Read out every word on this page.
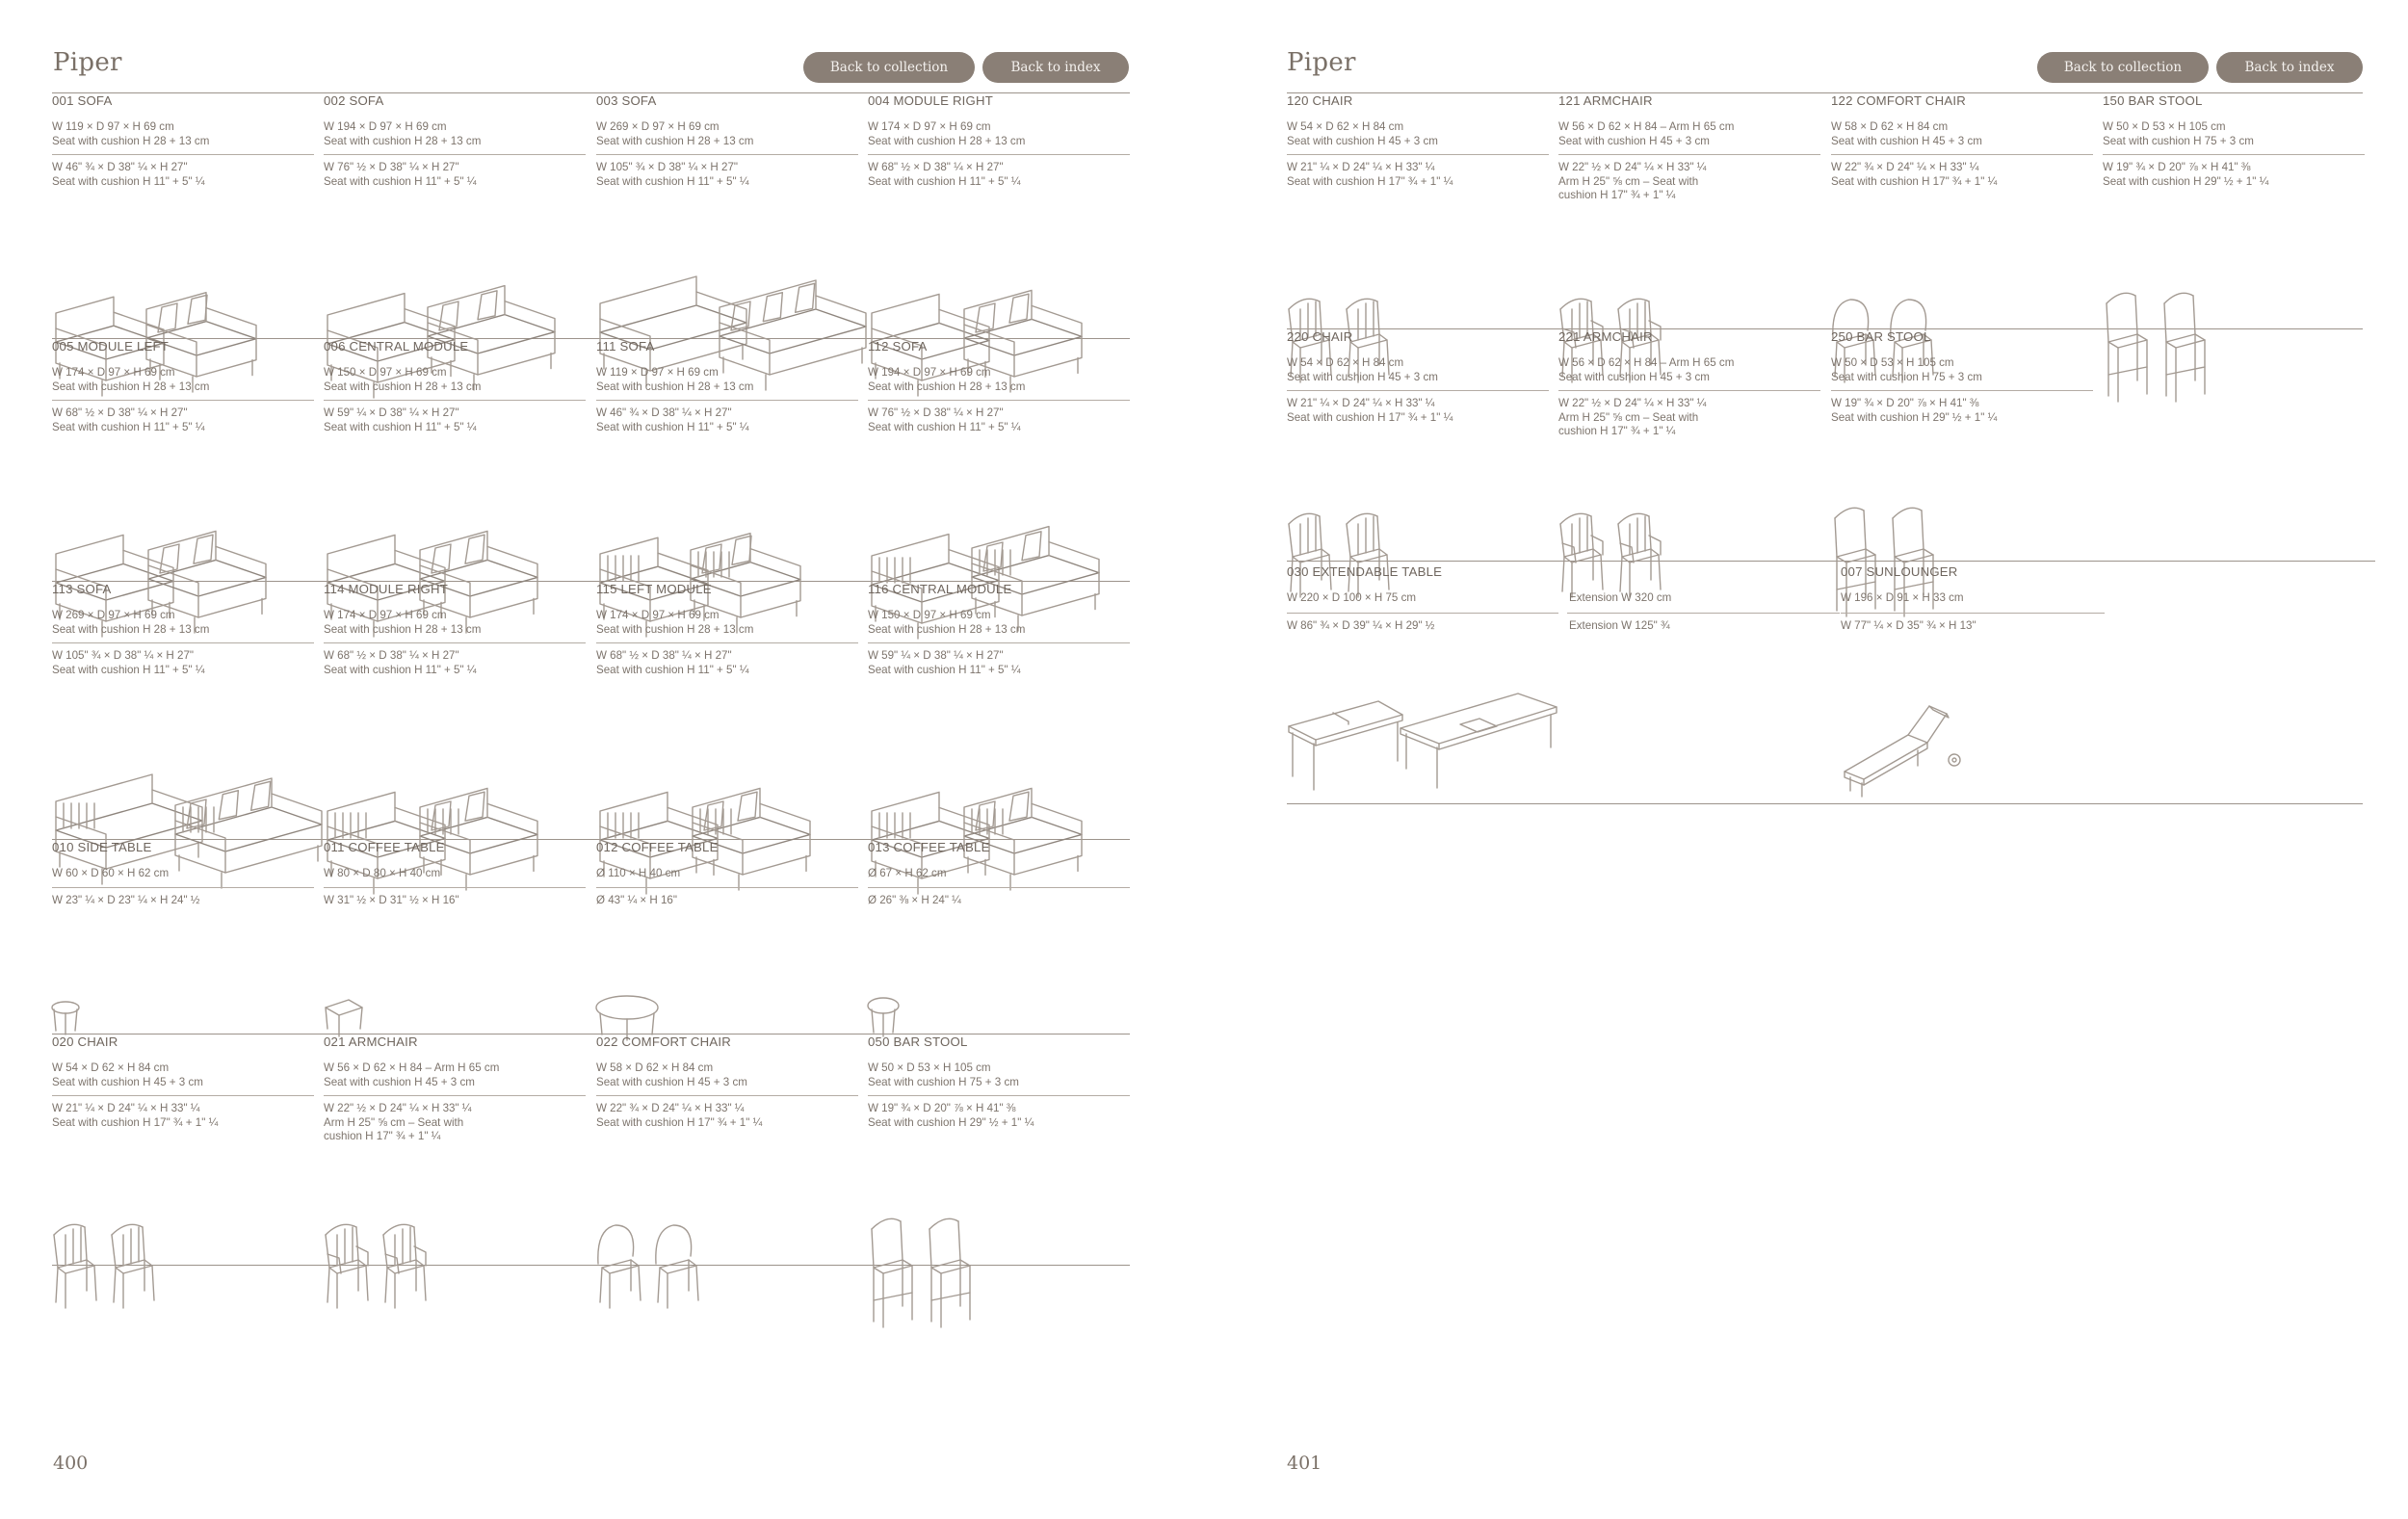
Piper	Back to collection	Back to index
400
001 SOFA
W 119 × D 97 × H 69 cm
Seat with cushion H 28 + 13 cm
W 46" ¾ × D 38" ¼ × H 27"
Seat with cushion H 11" + 5" ¼
002 SOFA
W 194 × D 97 × H 69 cm
Seat with cushion H 28 + 13 cm
W 76" ½ × D 38" ¼ × H 27"
Seat with cushion H 11" + 5" ¼
003 SOFA
W 269 × D 97 × H 69 cm
Seat with cushion H 28 + 13 cm
W 105" ¾ × D 38" ¼ × H 27"
Seat with cushion H 11" + 5" ¼
004 MODULE RIGHT
W 174 × D 97 × H 69 cm
Seat with cushion H 28 + 13 cm
W 68" ½ × D 38" ¼ × H 27"
Seat with cushion H 11" + 5" ¼
005 MODULE LEFT
W 174 × D 97 × H 69 cm
Seat with cushion H 28 + 13 cm
W 68" ½ × D 38" ¼ × H 27"
Seat with cushion H 11" + 5" ¼
006 CENTRAL MODULE
W 150 × D 97 × H 69 cm
Seat with cushion H 28 + 13 cm
W 59" ¼ × D 38" ¼ × H 27"
Seat with cushion H 11" + 5" ¼
111 SOFA
W 119 × D 97 × H 69 cm
Seat with cushion H 28 + 13 cm
W 46" ¾ × D 38" ¼ × H 27"
Seat with cushion H 11" + 5" ¼
112 SOFA
W 194 × D 97 × H 69 cm
Seat with cushion H 28 + 13 cm
W 76" ½ × D 38" ¼ × H 27"
Seat with cushion H 11" + 5" ¼
113 SOFA
W 269 × D 97 × H 69 cm
Seat with cushion H 28 + 13 cm
W 105" ¾ × D 38" ¼ × H 27"
Seat with cushion H 11" + 5" ¼
114 MODULE RIGHT
W 174 × D 97 × H 69 cm
Seat with cushion H 28 + 13 cm
W 68" ½ × D 38" ¼ × H 27"
Seat with cushion H 11" + 5" ¼
115 LEFT MODULE
W 174 × D 97 × H 69 cm
Seat with cushion H 28 + 13 cm
W 68" ½ × D 38" ¼ × H 27"
Seat with cushion H 11" + 5" ¼
116 CENTRAL MODULE
W 150 × D 97 × H 69 cm
Seat with cushion H 28 + 13 cm
W 59" ¼ × D 38" ¼ × H 27"
Seat with cushion H 11" + 5" ¼
010 SIDE TABLE
W 60 × D 60 × H 62 cm
W 23" ¼ × D 23" ¼ × H 24" ½
011 COFFEE TABLE
W 80 × D 80 × H 40 cm
W 31" ½ × D 31" ½ × H 16"
012 COFFEE TABLE
Ø 110 × H 40 cm
Ø 43" ¼ × H 16"
013 COFFEE TABLE
Ø 67 × H 62 cm
Ø 26" ⅜ × H 24" ¼
020 CHAIR
W 54 × D 62 × H 84 cm
Seat with cushion H 45 + 3 cm
W 21" ¼ × D 24" ¼ × H 33" ¼
Seat with cushion H 17" ¾ + 1" ¼
021 ARMCHAIR
W 56 × D 62 × H 84 – Arm H 65 cm
Seat with cushion H 45 + 3 cm
W 22" ½ × D 24" ¼ × H 33" ¼
Arm H 25" ⅝ cm – Seat with
cushion H 17" ¾ + 1" ¼
022 COMFORT CHAIR
W 58 × D 62 × H 84 cm
Seat with cushion H 45 + 3 cm
W 22" ¾ × D 24" ¼ × H 33" ¼
Seat with cushion H 17" ¾ + 1" ¼
050 BAR STOOL
W 50 × D 53 × H 105 cm
Seat with cushion H 75 + 3 cm
W 19" ¾ × D 20" ⅞ × H 41" ⅜
Seat with cushion H 29" ½ + 1" ¼
Piper	Back to collection	Back to index
401
120 CHAIR
W 54 × D 62 × H 84 cm
Seat with cushion H 45 + 3 cm
W 21" ¼ × D 24" ¼ × H 33" ¼
Seat with cushion H 17" ¾ + 1" ¼
121 ARMCHAIR
W 56 × D 62 × H 84 – Arm H 65 cm
Seat with cushion H 45 + 3 cm
W 22" ½ × D 24" ¼ × H 33" ¼
Arm H 25" ⅝ cm – Seat with
cushion H 17" ¾ + 1" ¼
122 COMFORT CHAIR
W 58 × D 62 × H 84 cm
Seat with cushion H 45 + 3 cm
W 22" ¾ × D 24" ¼ × H 33" ¼
Seat with cushion H 17" ¾ + 1" ¼
150 BAR STOOL
W 50 × D 53 × H 105 cm
Seat with cushion H 75 + 3 cm
W 19" ¾ × D 20" ⅞ × H 41" ⅜
Seat with cushion H 29" ½ + 1" ¼
220 CHAIR
W 54 × D 62 × H 84 cm
Seat with cushion H 45 + 3 cm
W 21" ¼ × D 24" ¼ × H 33" ¼
Seat with cushion H 17" ¾ + 1" ¼
221 ARMCHAIR
W 56 × D 62 × H 84 – Arm H 65 cm
Seat with cushion H 45 + 3 cm
W 22" ½ × D 24" ¼ × H 33" ¼
Arm H 25" ⅝ cm – Seat with
cushion H 17" ¾ + 1" ¼
250 BAR STOOL
W 50 × D 53 × H 105 cm
Seat with cushion H 75 + 3 cm
W 19" ¾ × D 20" ⅞ × H 41" ⅜
Seat with cushion H 29" ½ + 1" ¼
030 EXTENDABLE TABLE
W 220 × D 100 × H 75 cm
W 86" ¾ × D 39" ¼ × H 29" ½
Extension W 320 cm
Extension W 125" ¾
007 SUNLOUNGER
W 196 × D 91 × H 33 cm
W 77" ¼ × D 35" ¾ × H 13"
